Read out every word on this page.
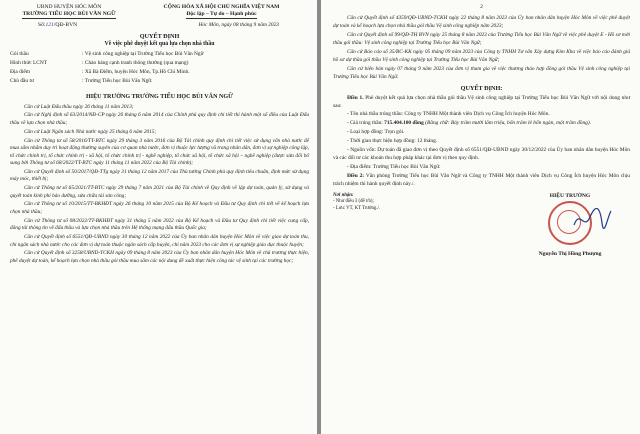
UBND HUYỆN HÓC MÔN
TRƯỜNG TIỂU HỌC BÙI VĂN NGỮ
CỘNG HÒA XÃ HỘI CHỦ NGHĨA VIỆT NAM
Độc lập – Tự do – Hạnh phúc
Số:121/QĐ-BVN	Hóc Môn, ngày 08 tháng 9 năm 2023
QUYẾT ĐỊNH
Về việc phê duyệt kết quả lựa chọn nhà thầu
Gói thầu	: Vệ sinh công nghiệp tại Trường Tiểu học Bùi Văn Ngữ
Hình thức LCNT	: Chào hàng cạnh tranh thông thường (qua mạng)
Địa điểm	: Xã Bà Điểm, huyện Hóc Môn, Tp.Hồ Chí Minh.
Chủ đầu tư	: Trường Tiểu học Bùi Văn Ngữ.
HIỆU TRƯỞNG TRƯỜNG TIỂU HỌC BÙI VĂN NGỮ

Căn cứ Luật Đấu thầu ngày 26 tháng 11 năm 2013;

Căn cứ Nghị định số 63/2014/NĐ-CP ngày 26 tháng 6 năm 2014 của Chính phủ quy định chi tiết thi hành một số điều của Luật Đấu thầu về lựa chọn nhà thầu;

Căn cứ Luật Ngân sách Nhà nước ngày 25 tháng 6 năm 2015;

Căn cứ Thông tư số 58/2016/TT-BTC ngày 29 tháng 3 năm 2016 của Bộ Tài chính quy định chi tiết việc sử dụng vốn nhà nước để mua sắm nhằm duy trì hoạt động thường xuyên của cơ quan nhà nước, đơn vị thuộc lực lượng vũ trang nhân dân, đơn vị sự nghiệp công lập, tổ chức chính trị, tổ chức chính trị - xã hội, tổ chức chính trị - nghề nghiệp, tổ chức xã hội, tổ chức xã hội – nghề nghiệp (được sửa đổi bổ sung bởi Thông tư số 68/2022/TT-BTC ngày 11 tháng 11 năm 2022 của Bộ Tài chính);

Căn cứ Quyết định số 50/2017/QĐ-TTg ngày 31 tháng 12 năm 2017 của Thủ tướng Chính phủ quy định tiêu chuẩn, định mức sử dụng máy móc, thiết bị;

Căn cứ Thông tư số 65/2021/TT-BTC ngày 29 tháng 7 năm 2021 của Bộ Tài chính về Quy định về lập dự toán, quản lý, sử dụng và quyết toán kinh phí bảo dưỡng, sửa chữa tài sản công;

Căn cứ Thông tư số 10/2015/TT-BKHĐT ngày 26 tháng 10 năm 2015 của Bộ Kế hoạch và Đầu tư Quy định chi tiết về kế hoạch lựa chọn nhà thầu;

Căn cứ Thông tư số 08/2022/TT-BKHĐT ngày 31 tháng 5 năm 2022 của Bộ Kế hoạch và Đầu tư Quy định chi tiết việc cung cấp, đăng tải thông tin về đấu thầu và lựa chọn nhà thầu trên Hệ thống mạng đấu thầu Quốc gia;

Căn cứ Quyết định số 6551/QĐ-UBND ngày 30 tháng 12 năm 2022 của Ủy ban nhân dân huyện Hóc Môn về việc giao dự toán thu, chi ngân sách nhà nước cho các đơn vị dự toán thuộc ngân sách cấp huyện, chi năm 2023 cho các đơn vị sự nghiệp giáo dục thuộc huyện;

Căn cứ Quyết định số 3258/UBND-TCKH ngày 09 tháng 8 năm 2023 của Ủy ban nhân dân huyện Hóc Môn về chủ trương thực hiện, phê duyệt dự toán, kế hoạch lựa chọn nhà thầu gói thầu mua sắm các nội dung đề xuất thực hiện công tác vệ sinh tại các trường học;

2

Căn cứ Quyết định số 4359/QĐ-UBND-TCKH ngày 22 tháng 8 năm 2023 của Ủy ban nhân dân huyện Hóc Môn về việc phê duyệt dự toán và kế hoạch lựa chọn nhà thầu gói thầu Vệ sinh công nghiệp năm 2023;

Căn cứ Quyết định số 99/QĐ-TH BVN ngày 25 tháng 8 năm 2023 của Trường Tiểu học Bùi Văn Ngữ về việc phê duyệt E - Hồ sơ mời thầu gói thầu: Vệ sinh công nghiệp tại Trường Tiểu học Bùi Văn Ngữ;

Căn cứ Báo cáo số 35/BC-KK ngày 05 tháng 09 năm 2023 của Công ty TNHH Tư vấn Xây dựng Kim Kha về việc báo cáo đánh giá hồ sơ dự thầu gói thầu Vệ sinh công nghiệp tại Trường Tiểu học Bùi Văn Ngữ;

Căn cứ biên bản ngày 07 tháng 9 năm 2023 của đơn vị tham gia về việc thương thảo hợp đồng gói thầu Vệ sinh công nghiệp tại Trường Tiểu học Bùi Văn Ngữ.

QUYẾT ĐỊNH:

Điều 1. Phê duyệt kết quả lựa chọn nhà thầu gói thầu Vệ sinh công nghiệp tại Trường Tiểu học Bùi Văn Ngữ với nội dung như sau:

- Tên nhà thầu trúng thầu: Công ty TNHH Một thành viên Dịch vụ Công Ích huyện Hóc Môn.

- Giá trúng thầu: 715.404.100 đồng (Bằng chữ: Bảy trăm mười lăm triệu, bốn trăm lẻ bốn ngàn, một trăm đồng).

- Loại hợp đồng: Trọn gói.

- Thời gian thực hiện hợp đồng: 12 tháng.

- Nguồn vốn: Dự toán đã giao đơn vị theo Quyết định số 6551/QĐ-UBND ngày 30/12/2022 của Ủy ban nhân dân huyện Hóc Môn và các đối tư các khoản thu hợp pháp khác tại đơn vị theo quy định.

- Địa điểm: Trường Tiểu học Bùi Văn Ngữ.

Điều 2: Văn phòng Trường Tiểu học Bùi Văn Ngữ và Công ty TNHH Một thành viên Dịch vụ Công Ích huyện Hóc Môn chịu trách nhiệm thi hành quyết định này./.

Nơi nhận:
- Như điều 3 (để t/h);
- Lưu: VT, KT Trường./.
HIỆU TRƯỞNG
Nguyễn Thị Hồng Phượng
